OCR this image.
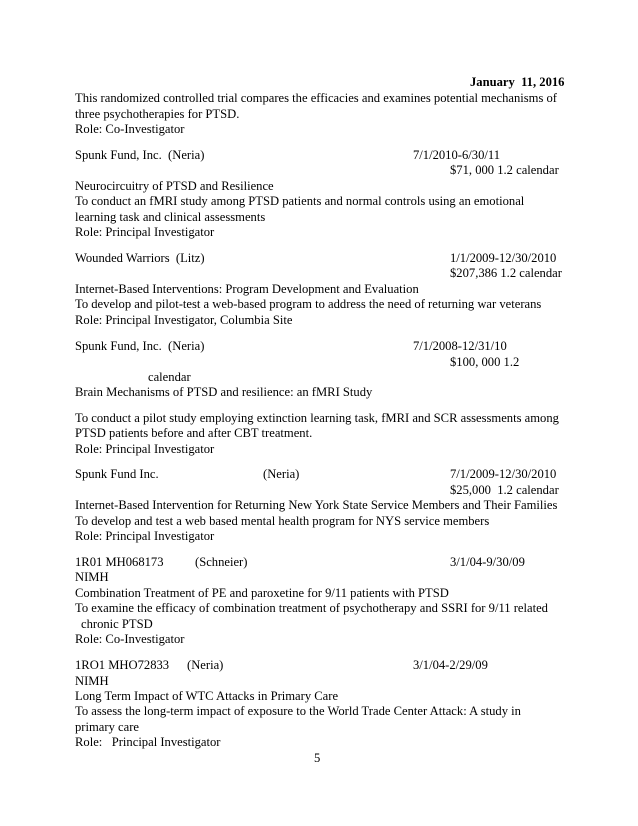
January  11, 2016
This randomized controlled trial compares the efficacies and examines potential mechanisms of
three psychotherapies for PTSD.
Role: Co-Investigator
Spunk Fund, Inc.  (Neria)	7/1/2010-6/30/11
$71, 000 1.2 calendar
Neurocircuitry of PTSD and Resilience
To conduct an fMRI study among PTSD patients and normal controls using an emotional
learning task and clinical assessments
Role: Principal Investigator
Wounded Warriors  (Litz)	1/1/2009-12/30/2010
$207,386 1.2 calendar
Internet-Based Interventions: Program Development and Evaluation
To develop and pilot-test a web-based program to address the need of returning war veterans
Role: Principal Investigator, Columbia Site
Spunk Fund, Inc.  (Neria)	7/1/2008-12/31/10
$100, 000 1.2
calendar
Brain Mechanisms of PTSD and resilience: an fMRI Study
To conduct a pilot study employing extinction learning task, fMRI and SCR assessments among
PTSD patients before and after CBT treatment.
Role: Principal Investigator
Spunk Fund Inc.	(Neria)	7/1/2009-12/30/2010
$25,000  1.2 calendar
Internet-Based Intervention for Returning New York State Service Members and Their Families
To develop and test a web based mental health program for NYS service members
Role: Principal Investigator
1R01 MH068173 (Schneier)	3/1/04-9/30/09
NIMH
Combination Treatment of PE and paroxetine for 9/11 patients with PTSD
To examine the efficacy of combination treatment of psychotherapy and SSRI for 9/11 related
chronic PTSD
Role: Co-Investigator
1RO1 MHO72833 (Neria)	3/1/04-2/29/09
NIMH
Long Term Impact of WTC Attacks in Primary Care
To assess the long-term impact of exposure to the World Trade Center Attack: A study in
primary care
Role:   Principal Investigator
5
